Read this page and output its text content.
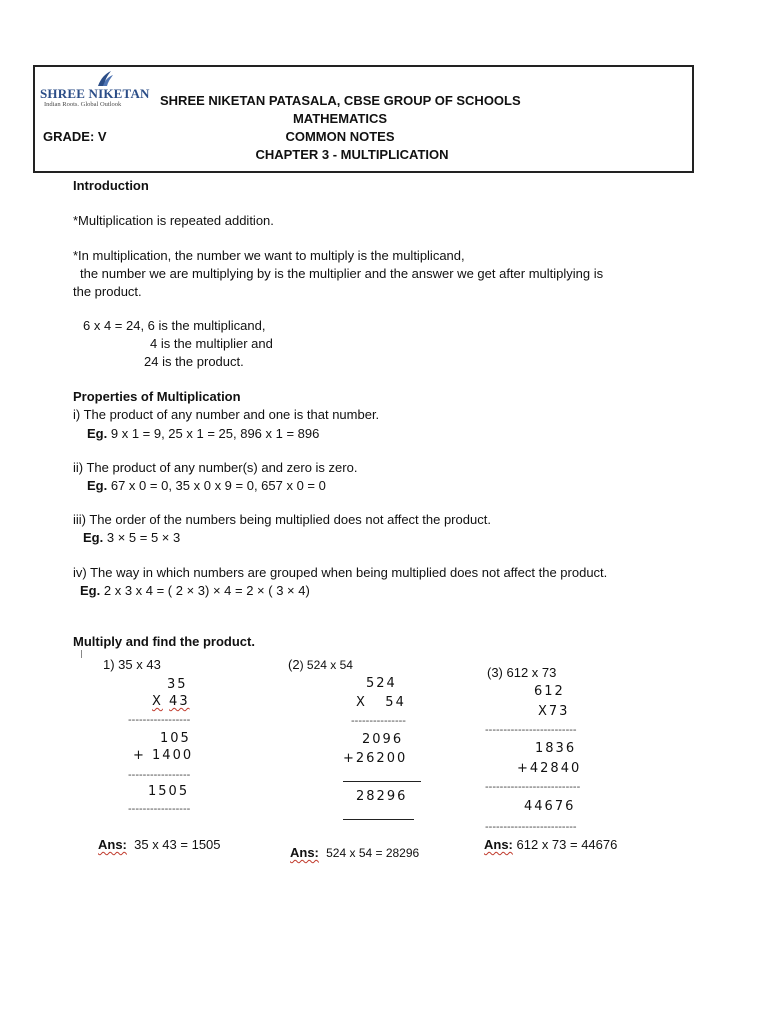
SHREE NIKETAN
Indian Roots. Global Outlook	SHREE NIKETAN PATASALA, CBSE GROUP OF SCHOOLS
MATHEMATICS
GRADE: V	COMMON NOTES
CHAPTER 3 - MULTIPLICATION
Introduction
*Multiplication is repeated addition.
*In multiplication, the number we want to multiply is the multiplicand,
the number we are multiplying by is the multiplier and the answer we get after multiplying is
the product.
6 x 4 = 24, 6 is the multiplicand,
4 is the multiplier and
24 is the product.
Properties of Multiplication
i) The product of any number and one is that number.
Eg. 9 x 1 = 9, 25 x 1 = 25, 896 x 1 = 896
ii) The product of any number(s) and zero is zero.
Eg. 67 x 0 = 0, 35 x 0 x 9 = 0, 657 x 0 = 0
iii) The order of the numbers being multiplied does not affect the product.
Eg. 3 × 5 = 5 × 3
iv) The way in which numbers are grouped when being multiplied does not affect the product.
Eg. 2 x 3 x 4 = ( 2 × 3) × 4 = 2 × ( 3 × 4)
Multiply and find the product.
1) 35 x 43
35
X 43
-----------------
105
+ 1400
-----------------
1505
-----------------
Ans: 35 x 43 = 1505
(2) 524 x 54
524
X   54
---------------
2096
+26200
28296
Ans: 524 x 54 = 28296
(3) 612 x 73
612
X73
-------------------------
1836
+42840
--------------------------
44676
-------------------------
Ans: 612 x 73 = 44676
